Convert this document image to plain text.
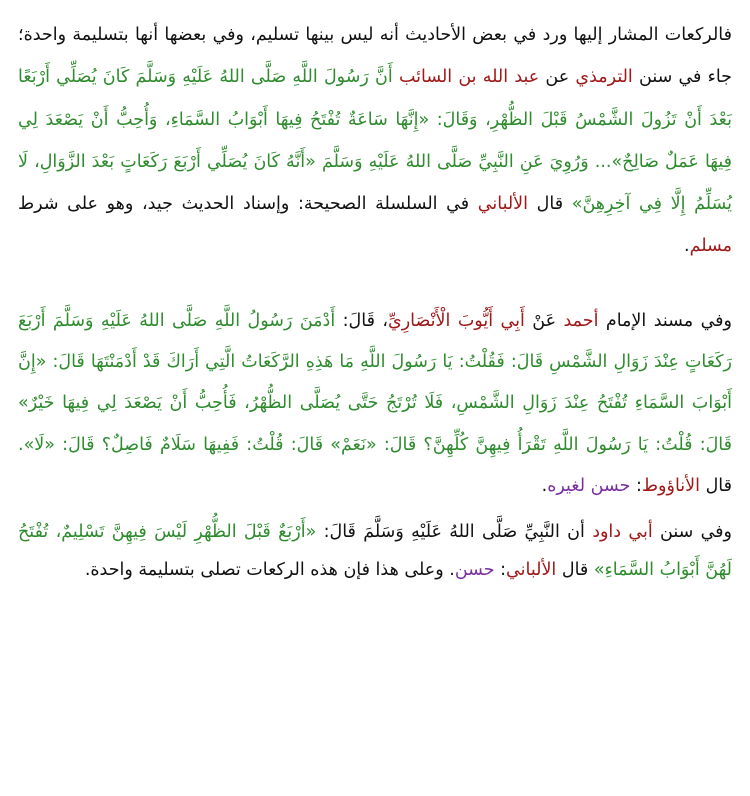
فالركعات المشار إليها ورد في بعض الأحاديث أنه ليس بينها تسليم، وفي بعضها أنها بتسليمة واحدة؛ جاء في سنن الترمذي عن عبد الله بن السائب أَنَّ رَسُولَ اللَّهِ صَلَّى اللهُ عَلَيْهِ وَسَلَّمَ كَانَ يُصَلِّي أَرْبَعًا بَعْدَ أَنْ تَزُولَ الشَّمْسُ قَبْلَ الظُّهْرِ، وَقَالَ: «إِنَّهَا سَاعَةٌ تُفْتَحُ فِيهَا أَبْوَابُ السَّمَاءِ، وَأُحِبُّ أَنْ يَصْعَدَ لِي فِيهَا عَمَلٌ صَالِحٌ»... وَرُوِيَ عَنِ النَّبِيِّ صَلَّى اللهُ عَلَيْهِ وَسَلَّمَ «أَنَّهُ كَانَ يُصَلِّي أَرْبَعَ رَكَعَاتٍ بَعْدَ الزَّوَالِ، لَا يُسَلِّمُ إِلَّا فِي آخِرِهِنَّ» قال الألباني في السلسلة الصحيحة: وإسناد الحديث جيد، وهو على شرط مسلم.

وفي مسند الإمام أحمد عَنْ أَبِي أَيُّوبَ الْأَنْصَارِيِّ، قَالَ: أَدْمَنَ رَسُولُ اللَّهِ صَلَّى اللهُ عَلَيْهِ وَسَلَّمَ أَرْبَعَ رَكَعَاتٍ عِنْدَ زَوَالِ الشَّمْسِ قَالَ: فَقُلْتُ: يَا رَسُولَ اللَّهِ مَا هَذِهِ الرَّكَعَاتُ الَّتِي أَرَاكَ قَدْ أَدْمَنْتَهَا قَالَ: «إِنَّ أَبْوَابَ السَّمَاءِ تُفْتَحُ عِنْدَ زَوَالِ الشَّمْسِ، فَلَا تُرْتَجُ حَتَّى يُصَلَّى الظُّهْرُ، فَأُحِبُّ أَنْ يَصْعَدَ لِي فِيهَا خَيْرٌ» قَالَ: قُلْتُ: يَا رَسُولَ اللَّهِ تَقْرَأُ فِيهِنَّ كُلِّهِنَّ؟ قَالَ: «نَعَمْ» قَالَ: قُلْتُ: فَفِيهَا سَلَامٌ فَاصِلٌ؟ قَالَ: «لَا». قال الأناؤوط: حسن لغيره.

وفي سنن أبي داود أن النَّبِيِّ صَلَّى اللهُ عَلَيْهِ وَسَلَّمَ قَالَ: «أَرْبَعٌ قَبْلَ الظُّهْرِ لَيْسَ فِيهِنَّ تَسْلِيمٌ، تُفْتَحُ لَهُنَّ أَبْوَابُ السَّمَاءِ» قال الألباني: حسن. وعلى هذا فإن هذه الركعات تصلى بتسليمة واحدة.
